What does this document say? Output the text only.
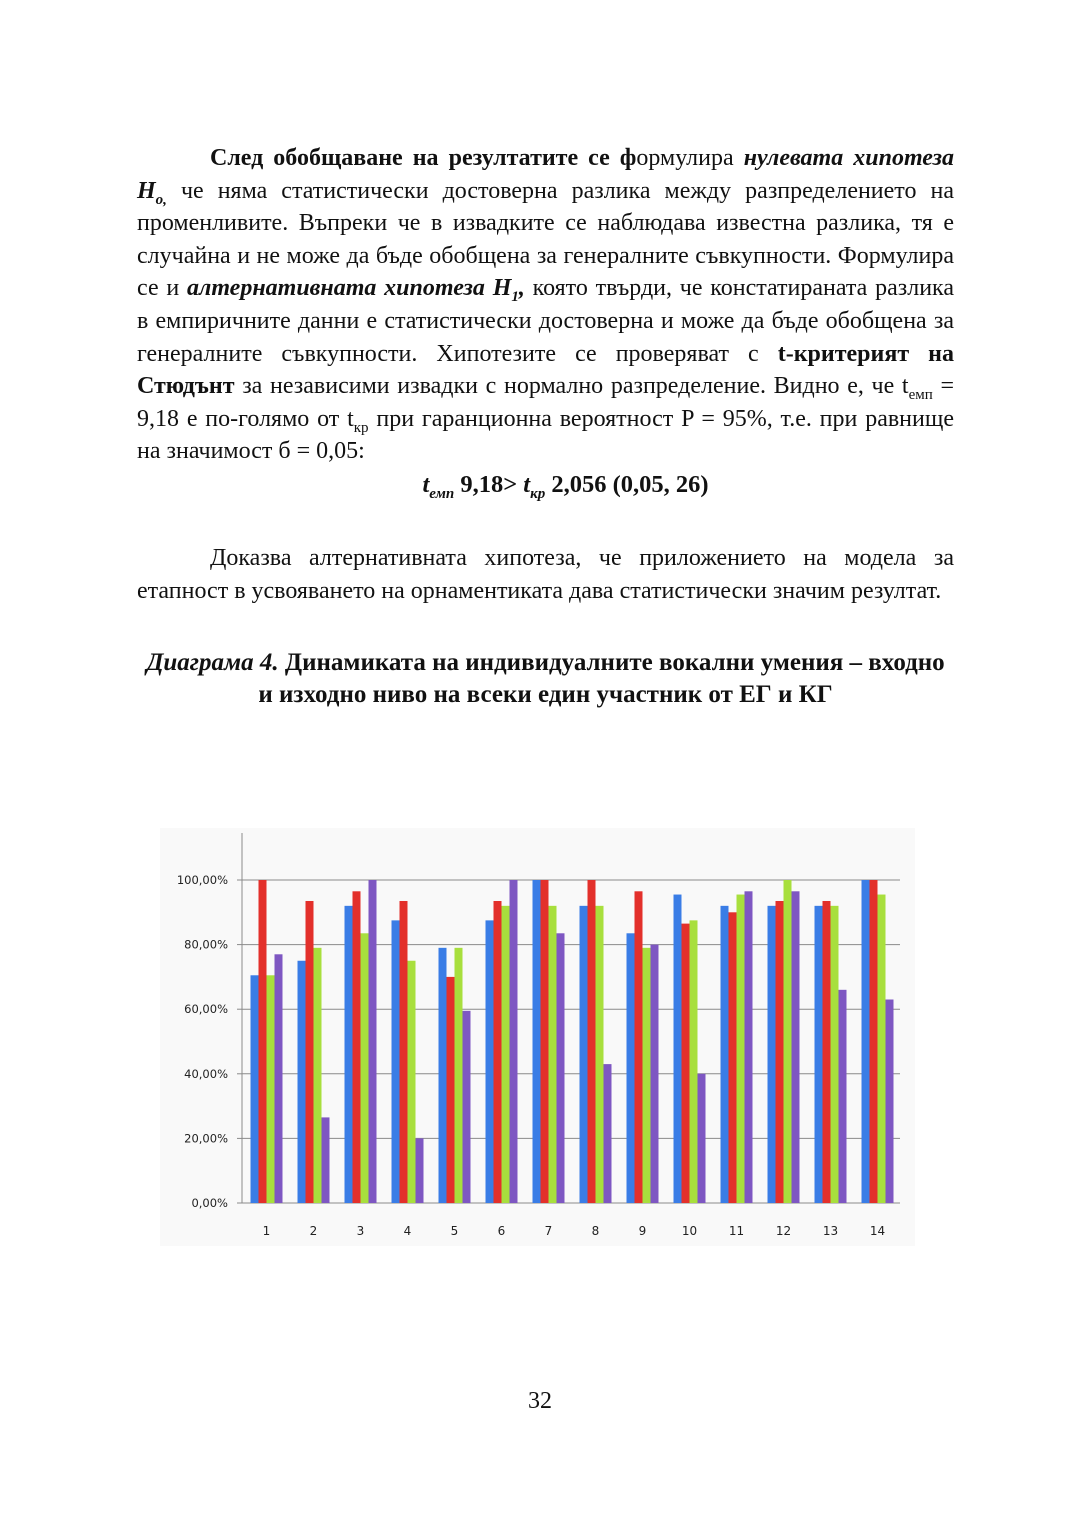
След обобщаване на резултатите се формулира нулевата хипотеза $H_{o,}$ че няма статистически достоверна разлика между разпределението на променливите. Въпреки че в извадките се наблюдава известна разлика, тя е случайна и не може да бъде обобщена за генералните съвкупности. Формулира се и алтернативната хипотеза $H_1$, която твърди, че констатираната разлика в емпиричните данни е статистически достоверна и може да бъде обобщена за генералните съвкупности. Хипотезите се проверяват с t-критерият на Стюдънт за независими извадки с нормално разпределение. Видно е, че $t_{емп} = 9,18$ е по-голямо от $t_{кр}$ при гаранционна вероятност P = 95%, т.е. при равнище на значимост б = 0,05:

$t_{емп}$ $9,18> t_{кр}$ 2,056 (0,05, 26)

Доказва алтернативната хипотеза, че приложението на модела за етапност в усвояването на орнаментиката дава статистически значим резултат.

Диаграма 4. Динамиката на индивидуалните вокални умения – входно и изходно ниво на всеки един участник от ЕГ и КГ

0,00%
20,00%
40,00%
60,00%
80,00%
100,00%
1	2	3	4	5	6	7	8	9	10	11	12	13	14
32
